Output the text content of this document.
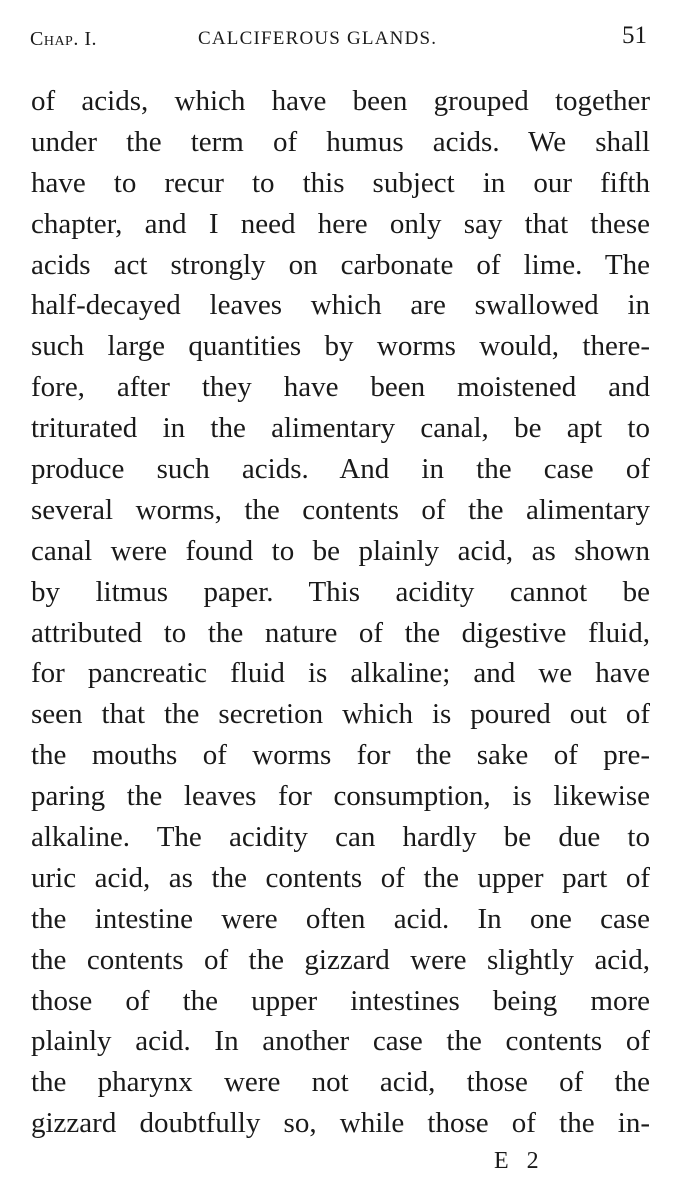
Chap. I.	CALCIFEROUS GLANDS.	51
of acids, which have been grouped together
under the term of humus acids. We shall
have to recur to this subject in our fifth
chapter, and I need here only say that these
acids act strongly on carbonate of lime. The
half-decayed leaves which are swallowed in
such large quantities by worms would, there-
fore, after they have been moistened and
triturated in the alimentary canal, be apt to
produce such acids. And in the case of
several worms, the contents of the alimentary
canal were found to be plainly acid, as shown
by litmus paper. This acidity cannot be
attributed to the nature of the digestive fluid,
for pancreatic fluid is alkaline; and we have
seen that the secretion which is poured out of
the mouths of worms for the sake of pre-
paring the leaves for consumption, is likewise
alkaline. The acidity can hardly be due to
uric acid, as the contents of the upper part of
the intestine were often acid. In one case
the contents of the gizzard were slightly acid,
those of the upper intestines being more
plainly acid. In another case the contents of
the pharynx were not acid, those of the
gizzard doubtfully so, while those of the in-
E 2
